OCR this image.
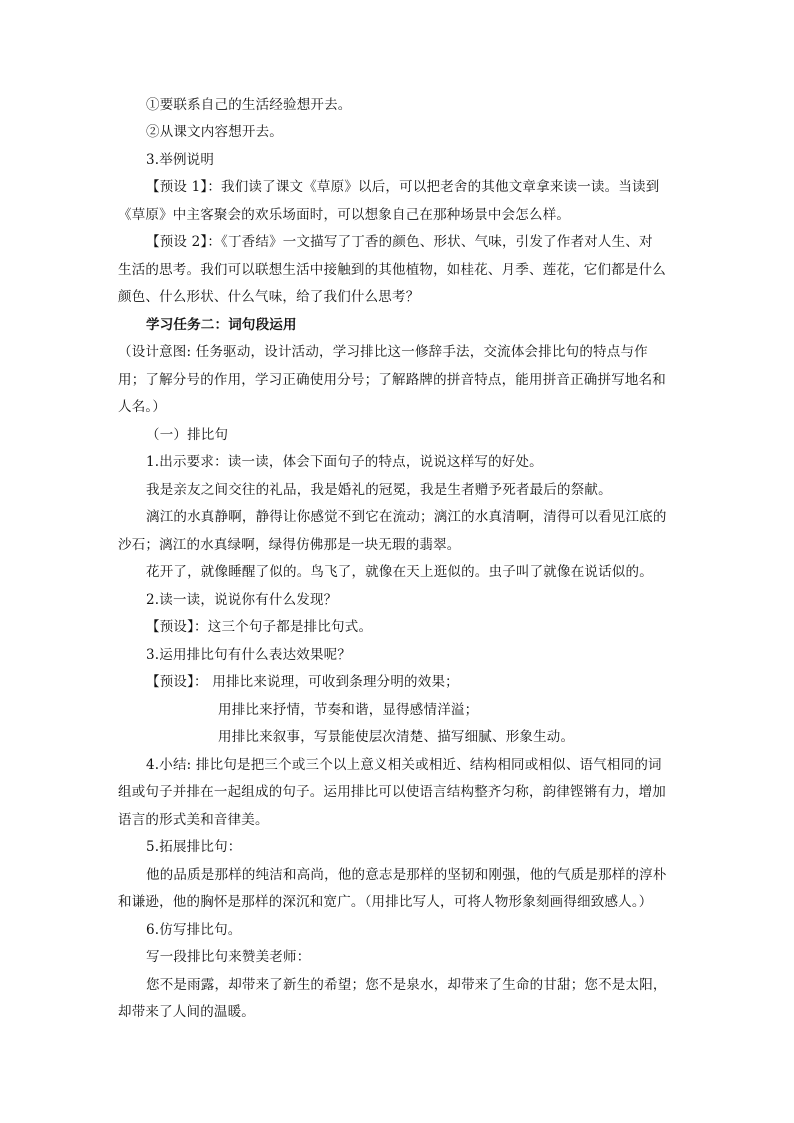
①要联系自己的生活经验想开去。
②从课文内容想开去。
3.举例说明
【预设 1】：我们读了课文《草原》以后，可以把老舍的其他文章拿来读一读。当读到
《草原》中主客聚会的欢乐场面时，可以想象自己在那种场景中会怎么样。
【预设 2】：《丁香结》一文描写了丁香的颜色、形状、气味，引发了作者对人生、对
生活的思考。我们可以联想生活中接触到的其他植物，如桂花、月季、莲花，它们都是什么
颜色、什么形状、什么气味，给了我们什么思考？
学习任务二：词句段运用
（设计意图: 任务驱动，设计活动，学习排比这一修辞手法，交流体会排比句的特点与作
用；了解分号的作用，学习正确使用分号；了解路牌的拼音特点，能用拼音正确拼写地名和
人名。）
（一）排比句
1.出示要求：读一读，体会下面句子的特点，说说这样写的好处。
我是亲友之间交往的礼品，我是婚礼的冠冕，我是生者赠予死者最后的祭献。
漓江的水真静啊，静得让你感觉不到它在流动；漓江的水真清啊，清得可以看见江底的
沙石；漓江的水真绿啊，绿得仿佛那是一块无瑕的翡翠。
花开了，就像睡醒了似的。鸟飞了，就像在天上逛似的。虫子叫了就像在说话似的。
2.读一读，说说你有什么发现？
【预设】：这三个句子都是排比句式。
3.运用排比句有什么表达效果呢？
【预设】： 用排比来说理，可收到条理分明的效果；
用排比来抒情，节奏和谐，显得感情洋溢；
用排比来叙事，写景能使层次清楚、描写细腻、形象生动。
4.小结: 排比句是把三个或三个以上意义相关或相近、结构相同或相似、语气相同的词
组或句子并排在一起组成的句子。运用排比可以使语言结构整齐匀称，韵律铿锵有力，增加
语言的形式美和音律美。
5.拓展排比句：
他的品质是那样的纯洁和高尚，他的意志是那样的坚韧和刚强，他的气质是那样的淳朴
和谦逊，他的胸怀是那样的深沉和宽广。（用排比写人，可将人物形象刻画得细致感人。）
6.仿写排比句。
写一段排比句来赞美老师：
您不是雨露，却带来了新生的希望；您不是泉水，却带来了生命的甘甜；您不是太阳，
却带来了人间的温暖。
